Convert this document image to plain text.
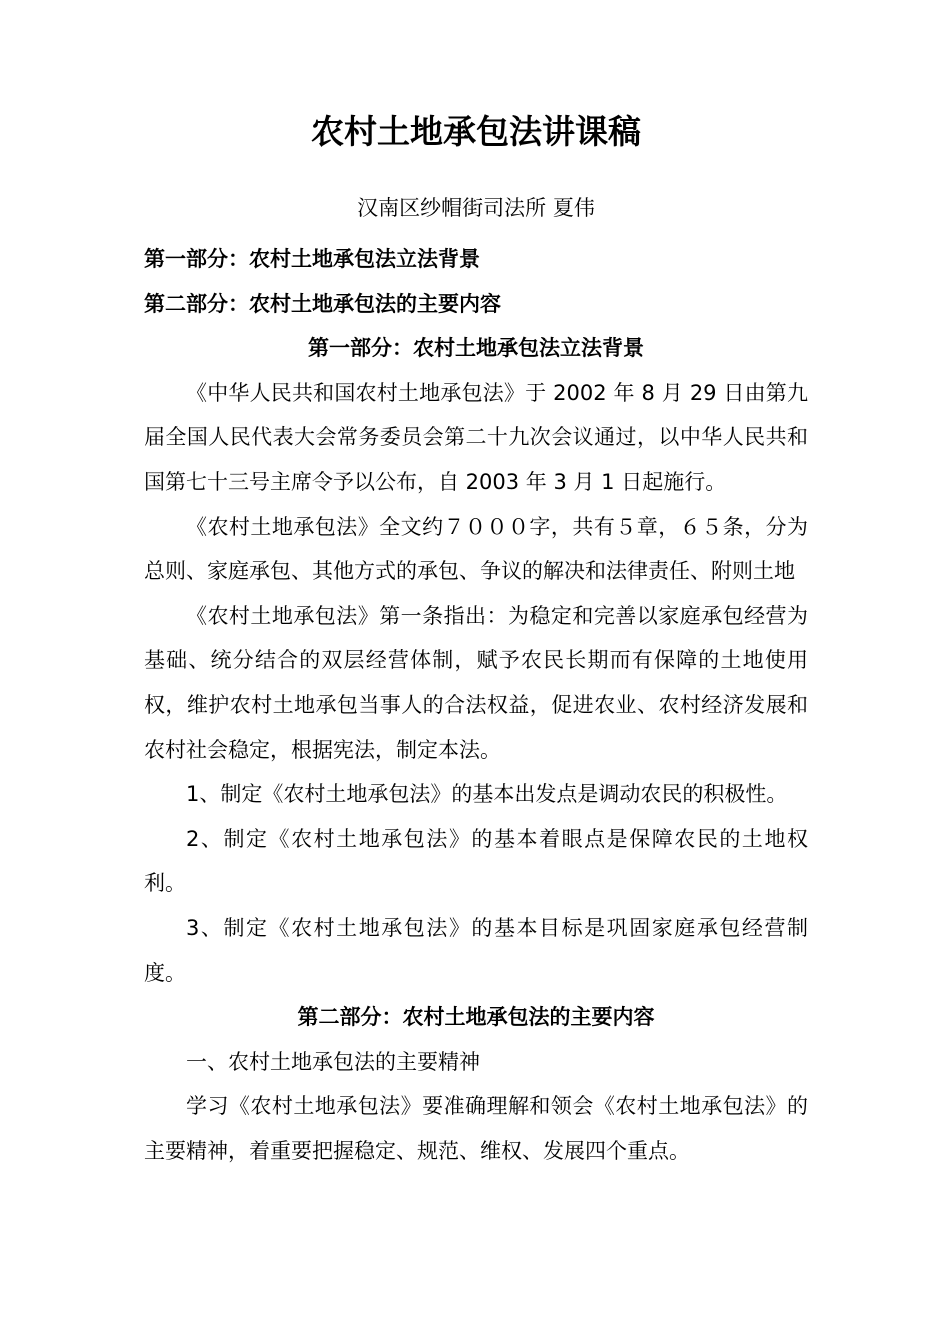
农村土地承包法讲课稿
汉南区纱帽街司法所 夏伟

第一部分：农村土地承包法立法背景

第二部分：农村土地承包法的主要内容

第一部分：农村土地承包法立法背景

《中华人民共和国农村土地承包法》于 2002 年 8 月 29 日由第九届全国人民代表大会常务委员会第二十九次会议通过，以中华人民共和国第七十三号主席令予以公布，自 2003 年 3 月 1 日起施行。

《农村土地承包法》全文约７０００字，共有５章，６５条，分为总则、家庭承包、其他方式的承包、争议的解决和法律责任、附则土地

《农村土地承包法》第一条指出：为稳定和完善以家庭承包经营为基础、统分结合的双层经营体制，赋予农民长期而有保障的土地使用权，维护农村土地承包当事人的合法权益，促进农业、农村经济发展和农村社会稳定，根据宪法，制定本法。

1、制定《农村土地承包法》的基本出发点是调动农民的积极性。

2、制定《农村土地承包法》的基本着眼点是保障农民的土地权利。

3、制定《农村土地承包法》的基本目标是巩固家庭承包经营制度。

第二部分：农村土地承包法的主要内容

一、农村土地承包法的主要精神

学习《农村土地承包法》要准确理解和领会《农村土地承包法》的主要精神，着重要把握稳定、规范、维权、发展四个重点。
